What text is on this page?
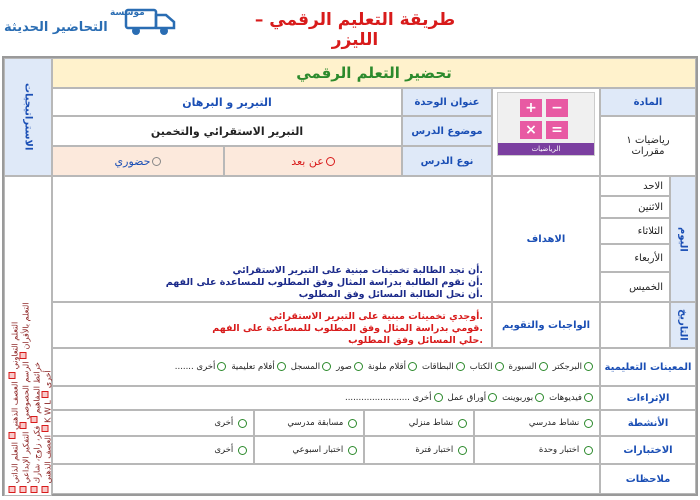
مؤسسة
التحاضير الحديثة	طريقة التعليم الرقمي – الليزر
تحضير التعلم الرقمي
الاستراتيجيات
التعلم التعاوني  العصف الذهني  التعلم الذاتي
التعلم بالأقران  الرسم الحصوصي  التفكير الإبداعي
خرائط المفاهيم  فكر، زاوج، شارك العصف الذهني  K W L  أخرى
التبرير و البرهان	عنوان الوحدة
التبرير الاستقرائي والتخمين	موضوع الدرس
حضوري	عن بعد	نوع الدرس
+	−
×	=
الرياضيات
المادة
رياضيات ١
مقررات
أن تجد الطالبة تخمينات مبنية على التبرير الاستقرائي.
أن تقوم الطالبة بدراسة المثال وفق المطلوب للمساعدة على الفهم.
أن تحل الطالبة المسائل وفق المطلوب.
الاهداف
الاحد
الاثنين
الثلاثاء
الأربعاء
الخميس
اليوم
أوجدي تخمينات مبنية على التبرير الاستقرائي.
قومي بدراسة المثال وفق المطلوب للمساعدة على الفهم.
حلي المسائل وفق المطلوب.
الواجبات والتقويم	التاريخ
البرجكتر
السبورة
الكتاب
البطاقات
أقلام ملونة
صور
المسجل
أفلام تعليمية
أخرى .......	المعينات التعليمية
فيديوهات
بوربوينت
أوراق عمل
أخرى ........................	الإثراءات
نشاط مدرسي

نشاط منزلي

مسابقة مدرسي

أخرى
	الأنشطة
اختبار وحدة

اختبار فترة

اختبار اسبوعي

أخرى
	الاختبارات
ملاحظات
